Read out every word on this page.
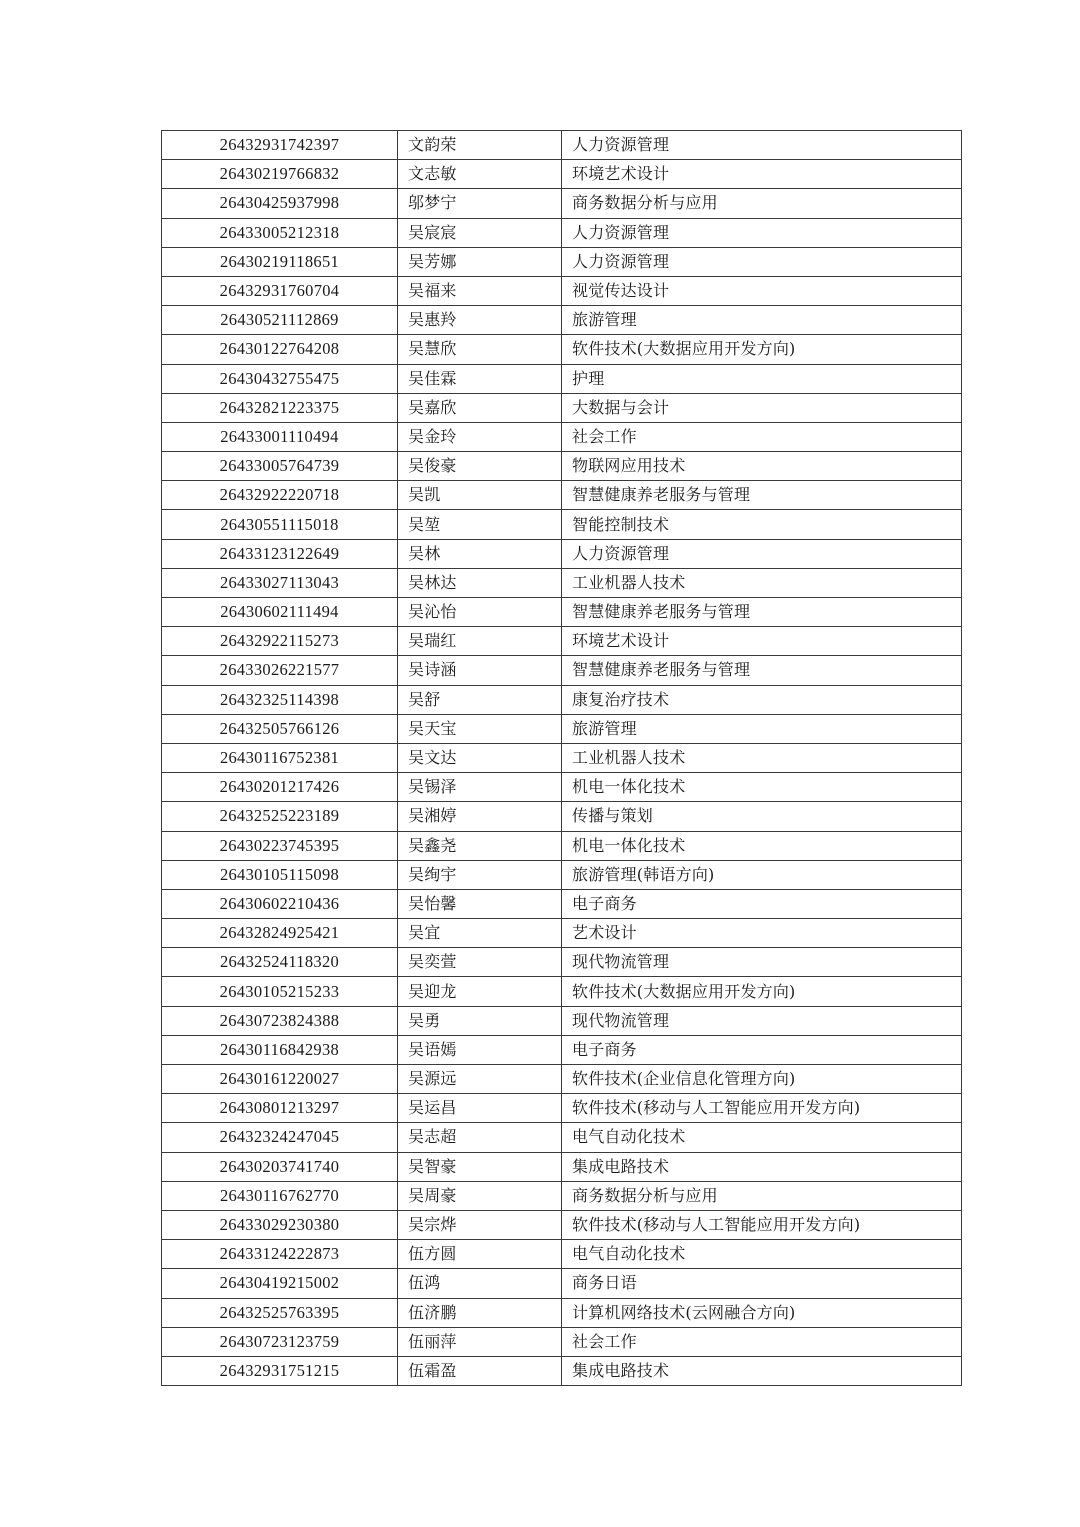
26432931742397	文韵荣	人力资源管理
26430219766832	文志敏	环境艺术设计
26430425937998	邬梦宁	商务数据分析与应用
26433005212318	吴宸宸	人力资源管理
26430219118651	吴芳娜	人力资源管理
26432931760704	吴福来	视觉传达设计
26430521112869	吴惠羚	旅游管理
26430122764208	吴慧欣	软件技术(大数据应用开发方向)
26430432755475	吴佳霖	护理
26432821223375	吴嘉欣	大数据与会计
26433001110494	吴金玲	社会工作
26433005764739	吴俊豪	物联网应用技术
26432922220718	吴凯	智慧健康养老服务与管理
26430551115018	吴堃	智能控制技术
26433123122649	吴林	人力资源管理
26433027113043	吴林达	工业机器人技术
26430602111494	吴沁怡	智慧健康养老服务与管理
26432922115273	吴瑞红	环境艺术设计
26433026221577	吴诗涵	智慧健康养老服务与管理
26432325114398	吴舒	康复治疗技术
26432505766126	吴天宝	旅游管理
26430116752381	吴文达	工业机器人技术
26430201217426	吴锡泽	机电一体化技术
26432525223189	吴湘婷	传播与策划
26430223745395	吴鑫尧	机电一体化技术
26430105115098	吴绚宇	旅游管理(韩语方向)
26430602210436	吴怡馨	电子商务
26432824925421	吴宜	艺术设计
26432524118320	吴奕萱	现代物流管理
26430105215233	吴迎龙	软件技术(大数据应用开发方向)
26430723824388	吴勇	现代物流管理
26430116842938	吴语嫣	电子商务
26430161220027	吴源远	软件技术(企业信息化管理方向)
26430801213297	吴运昌	软件技术(移动与人工智能应用开发方向)
26432324247045	吴志超	电气自动化技术
26430203741740	吴智豪	集成电路技术
26430116762770	吴周豪	商务数据分析与应用
26433029230380	吴宗烨	软件技术(移动与人工智能应用开发方向)
26433124222873	伍方圆	电气自动化技术
26430419215002	伍鸿	商务日语
26432525763395	伍济鹏	计算机网络技术(云网融合方向)
26430723123759	伍丽萍	社会工作
26432931751215	伍霜盈	集成电路技术
